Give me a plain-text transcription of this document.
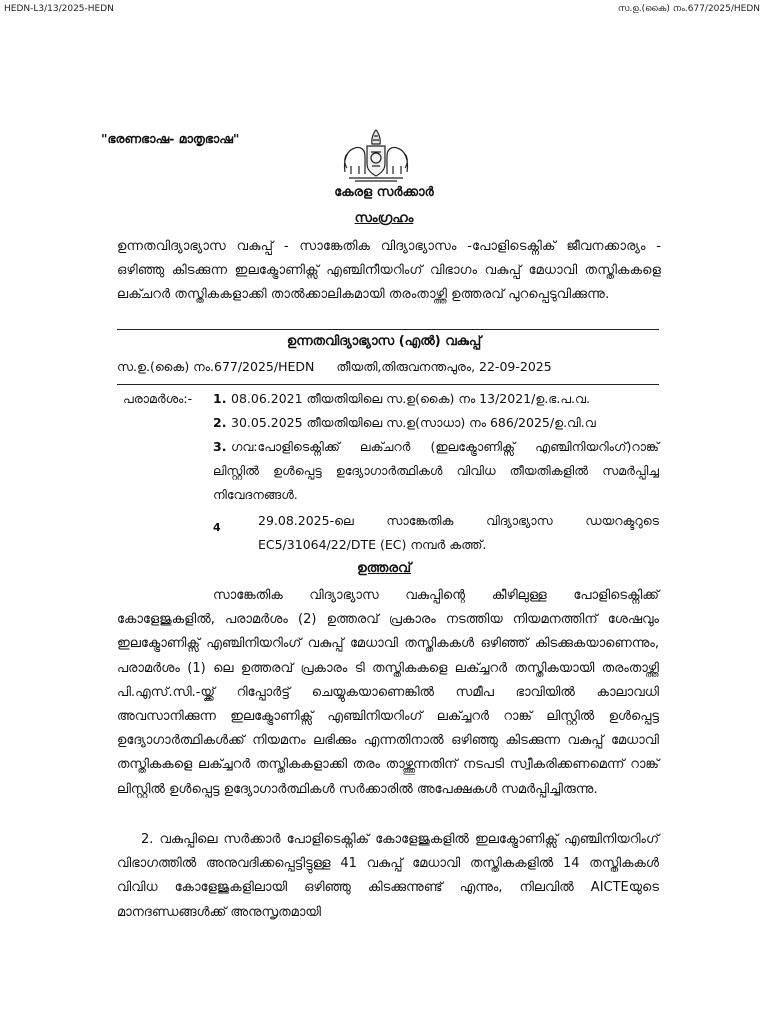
HEDN-L3/13/2025-HEDN	സ.ഉ.(കൈ) നം.677/2025/HEDN
"ഭരണഭാഷ- മാതൃഭാഷ"
കേരള സർക്കാർ
സംഗ്രഹം
ഉന്നതവിദ്യാഭ്യാസ വകുപ്പ് - സാങ്കേതിക വിദ്യാഭ്യാസം -പോളിടെക്നിക് ജീവനക്കാര്യം - ഒഴിഞ്ഞു കിടക്കുന്ന ഇലക്ട്രോണിക്സ് എഞ്ചിനീയറിംഗ് വിഭാഗം വകുപ്പ് മേധാവി തസ്തികകളെ ലക്ചറർ തസ്തികകളാക്കി താൽക്കാലികമായി തരംതാഴ്ത്തി ഉത്തരവ് പുറപ്പെടുവിക്കുന്നു.
ഉന്നതവിദ്യാഭ്യാസ (എൽ) വകുപ്പ്
സ.ഉ.(കൈ) നം.677/2025/HEDN തീയതി,തിരുവനന്തപുരം, 22-09-2025
പരാമർശം:- 1. 08.06.2021 തീയതിയിലെ സ.ഉ(കൈ) നം 13/2021/ഉ.ഭ.പ.വ.
2. 30.05.2025 തീയതിയിലെ സ.ഉ(സാധാ) നം 686/2025/ഉ.വി.വ
3. ഗവ:പോളിടെക്നിക്ക് ലക്ചറർ (ഇലക്ട്രോണിക്സ് എഞ്ചിനിയറിംഗ്)റാങ്ക് ലിസ്റ്റിൽ ഉൾപ്പെട്ട ഉദ്യോഗാർത്ഥികൾ വിവിധ തീയതികളിൽ സമർപ്പിച്ച നിവേദനങ്ങൾ.
4	29.08.2025-ലെ സാങ്കേതിക വിദ്യാഭ്യാസ ഡയറക്ടറുടെ EC5/31064/22/DTE (EC) നമ്പർ കത്ത്.
ഉത്തരവ്
സാങ്കേതിക വിദ്യാഭ്യാസ വകുപ്പിന്റെ കീഴിലുള്ള പോളിടെക്നിക്ക് കോളേജുകളിൽ, പരാമർശം (2) ഉത്തരവ് പ്രകാരം നടത്തിയ നിയമനത്തിന് ശേഷവും ഇലക്ട്രോണിക്സ് എഞ്ചിനിയറിംഗ് വകുപ്പ് മേധാവി തസ്തികകൾ ഒഴിഞ്ഞ് കിടക്കുകയാണെന്നും, പരാമർശം (1) ലെ ഉത്തരവ് പ്രകാരം ടി തസ്തികകളെ ലക്ച്ചറർ തസ്തികയായി തരംതാഴ്ത്തി പി.എസ്.സി.-യ്ക്ക് റിപ്പോർട്ട് ചെയ്യുകയാണെങ്കിൽ സമീപ ഭാവിയിൽ കാലാവധി അവസാനിക്കുന്ന ഇലക്ട്രോണിക്സ് എഞ്ചിനിയറിംഗ് ലക്ച്ചറർ റാങ്ക് ലിസ്റ്റിൽ ഉൾപ്പെട്ട ഉദ്യോഗാർത്ഥികൾക്ക് നിയമനം ലഭിക്കും എന്നതിനാൽ ഒഴിഞ്ഞു കിടക്കുന്ന വകുപ്പ് മേധാവി തസ്തികകളെ ലക്ച്ചറർ തസ്തികകളാക്കി തരം താഴ്ത്തുന്നതിന് നടപടി സ്വീകരിക്കണമെന്ന് റാങ്ക് ലിസ്റ്റിൽ ഉൾപ്പെട്ട ഉദ്യോഗാർത്ഥികൾ സർക്കാരിൽ അപേക്ഷകൾ സമർപ്പിച്ചിരുന്നു.
2. വകുപ്പിലെ സർക്കാർ പോളിടെക്നിക് കോളേജുകളിൽ ഇലക്ട്രോണിക്സ് എഞ്ചിനിയറിംഗ് വിഭാഗത്തിൽ അനുവദിക്കപ്പെട്ടിട്ടുള്ള 41 വകുപ്പ് മേധാവി തസ്തികകളിൽ 14 തസ്തികകൾ വിവിധ കോളേജുകളിലായി ഒഴിഞ്ഞു കിടക്കുന്നുണ്ട് എന്നും, നിലവിൽ AICTEയുടെ മാനദണ്ഡങ്ങൾക്ക് അനുസൃതമായി
